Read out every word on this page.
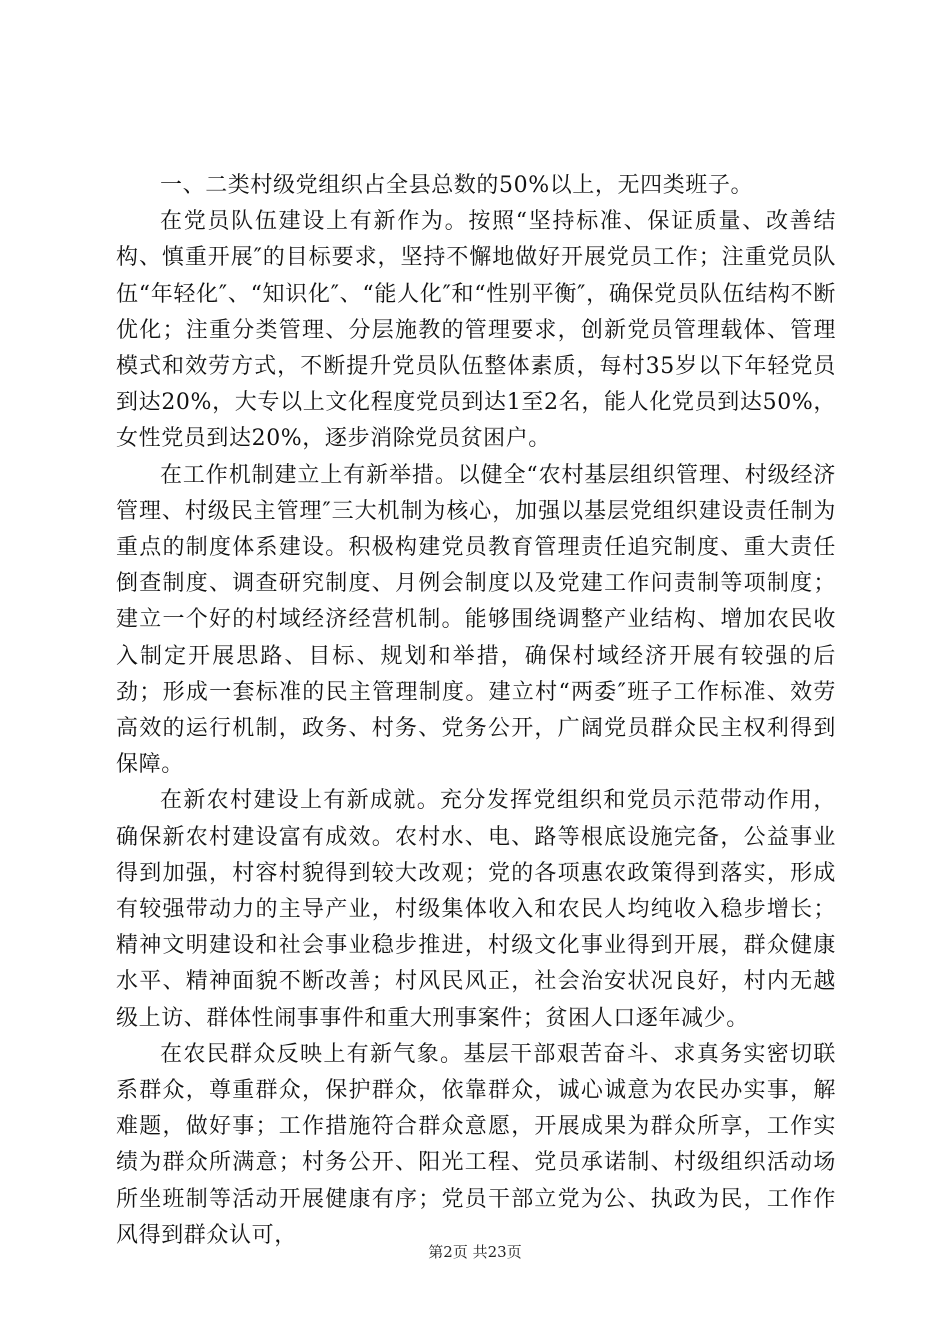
一、二类村级党组织占全县总数的50%以上，无四类班子。

在党员队伍建设上有新作为。按照“坚持标准、保证质量、改善结构、慎重开展″的目标要求，坚持不懈地做好开展党员工作；注重党员队伍“年轻化″、“知识化″、“能人化″和“性别平衡″，确保党员队伍结构不断优化；注重分类管理、分层施教的管理要求，创新党员管理载体、管理模式和效劳方式，不断提升党员队伍整体素质，每村35岁以下年轻党员到达20%，大专以上文化程度党员到达1至2名，能人化党员到达50%，女性党员到达20%，逐步消除党员贫困户。

在工作机制建立上有新举措。以健全“农村基层组织管理、村级经济管理、村级民主管理″三大机制为核心，加强以基层党组织建设责任制为重点的制度体系建设。积极构建党员教育管理责任追究制度、重大责任倒查制度、调查研究制度、月例会制度以及党建工作问责制等项制度；建立一个好的村域经济经营机制。能够围绕调整产业结构、增加农民收入制定开展思路、目标、规划和举措，确保村域经济开展有较强的后劲；形成一套标准的民主管理制度。建立村“两委″班子工作标准、效劳高效的运行机制，政务、村务、党务公开，广阔党员群众民主权利得到保障。

在新农村建设上有新成就。充分发挥党组织和党员示范带动作用，确保新农村建设富有成效。农村水、电、路等根底设施完备，公益事业得到加强，村容村貌得到较大改观；党的各项惠农政策得到落实，形成有较强带动力的主导产业，村级集体收入和农民人均纯收入稳步增长；精神文明建设和社会事业稳步推进，村级文化事业得到开展，群众健康水平、精神面貌不断改善；村风民风正，社会治安状况良好，村内无越级上访、群体性闹事事件和重大刑事案件；贫困人口逐年减少。

在农民群众反映上有新气象。基层干部艰苦奋斗、求真务实密切联系群众，尊重群众，保护群众，依靠群众，诚心诚意为农民办实事，解难题，做好事；工作措施符合群众意愿，开展成果为群众所享，工作实绩为群众所满意；村务公开、阳光工程、党员承诺制、村级组织活动场所坐班制等活动开展健康有序；党员干部立党为公、执政为民，工作作风得到群众认可，

第2页 共23页
